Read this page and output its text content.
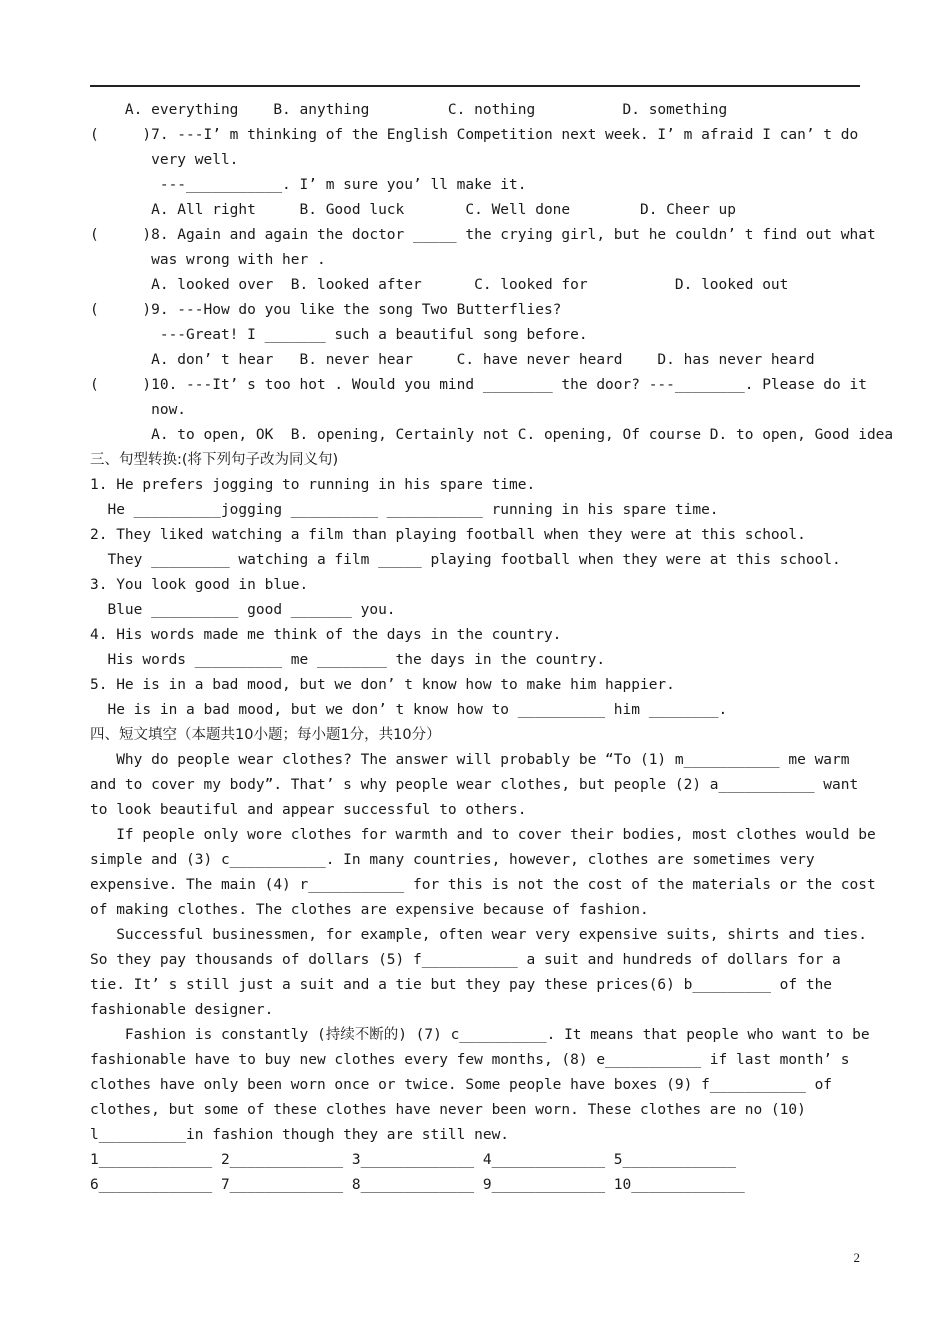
A. everything    B. anything         C. nothing          D. something
(     )7. ---I’ m thinking of the English Competition next week. I’ m afraid I can’ t do
very well.
---___________. I’ m sure you’ ll make it.
A. All right     B. Good luck       C. Well done        D. Cheer up
(     )8. Again and again the doctor _____ the crying girl, but he couldn’ t find out what
was wrong with her .
A. looked over  B. looked after      C. looked for          D. looked out
(     )9. ---How do you like the song Two Butterflies?
---Great! I _______ such a beautiful song before.
A. don’ t hear   B. never hear     C. have never heard    D. has never heard
(     )10. ---It’ s too hot . Would you mind ________ the door? ---________. Please do it
now.
A. to open, OK  B. opening, Certainly not C. opening, Of course D. to open, Good idea
三、句型转换:(将下列句子改为同义句)
1. He prefers jogging to running in his spare time.
He __________jogging __________ ___________ running in his spare time.
2. They liked watching a film than playing football when they were at this school.
They _________ watching a film _____ playing football when they were at this school.
3. You look good in blue.
Blue __________ good _______ you.
4. His words made me think of the days in the country.
His words __________ me ________ the days in the country.
5. He is in a bad mood, but we don’ t know how to make him happier.
He is in a bad mood, but we don’ t know how to __________ him ________.
四、短文填空（本题共10小题；每小题1分，共10分）
Why do people wear clothes? The answer will probably be “To (1) m___________ me warm
and to cover my body”. That’ s why people wear clothes, but people (2) a___________ want
to look beautiful and appear successful to others.
If people only wore clothes for warmth and to cover their bodies, most clothes would be
simple and (3) c___________. In many countries, however, clothes are sometimes very
expensive. The main (4) r___________ for this is not the cost of the materials or the cost
of making clothes. The clothes are expensive because of fashion.
Successful businessmen, for example, often wear very expensive suits, shirts and ties.
So they pay thousands of dollars (5) f___________ a suit and hundreds of dollars for a
tie. It’ s still just a suit and a tie but they pay these prices(6) b_________ of the
fashionable designer.
Fashion is constantly (持续不断的) (7) c__________. It means that people who want to be
fashionable have to buy new clothes every few months, (8) e___________ if last month’ s
clothes have only been worn once or twice. Some people have boxes (9) f___________ of
clothes, but some of these clothes have never been worn. These clothes are no (10)
l__________in fashion though they are still new.
1_____________ 2_____________ 3_____________ 4_____________ 5_____________
6_____________ 7_____________ 8_____________ 9_____________ 10_____________
2
